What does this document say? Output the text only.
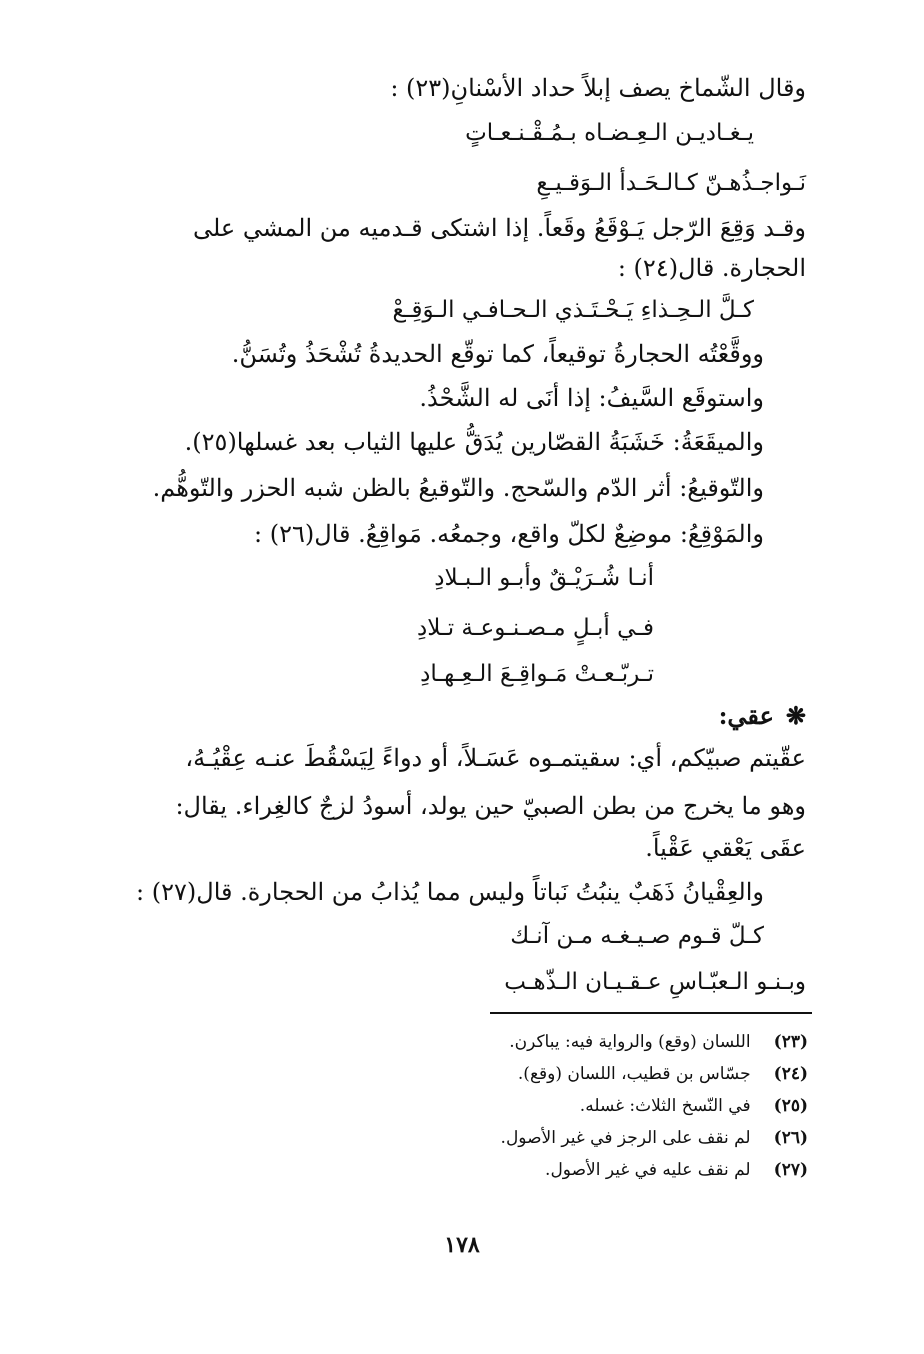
وقال الشّماخ يصف إبلاً حداد الأسْنانِ(٢٣) :
يـغـاديـن الـعِـضـاه بـمُـقْـنـعـاتٍ
نَـواجـذُهـنّ كـالـحَـدأ الـوَقـيـعِ
وقـد وَقِعَ الرّجل يَـوْقَعُ وقَعاً. إذا اشتكى قـدميه من المشي على
الحجارة. قال(٢٤) :
كـلَّ الـحِـذاءِ يَـحْـتَـذي الـحـافـي الـوَقِـعْ
ووقَّعْتُه الحجارةُ توقيعاً، كما توقّع الحديدةُ تُشْحَذُ وتُسَنُّ.
واستوقَع السَّيفُ: إذا أنَى له الشَّحْذُ.
والميقَعَةُ: خَشَبَةُ القصّارين يُدَقُّ عليها الثياب بعد غسلها(٢٥).
والتّوقيعُ: أثر الدّم والسّحج. والتّوقيعُ بالظن شبه الحزر والتّوهُّم.
والمَوْقِعُ: موضِعٌ لكلّ واقع، وجمعُه. مَواقِعُ. قال(٢٦) :
أنـا شُـرَيْـقٌ وأبـو الـبـلادِ
فـي أبـلٍ مـصـنـوعـة تـلادِ
تـربّـعـتْ مَـواقِـعَ الـعِـهـادِ
❋عقي:
عقّيتم صبيّكم، أي: سقيتمـوه عَسَـلاً، أو دواءً لِيَسْقُطَ عنـه عِقْيُـهُ،
وهو ما يخرج من بطن الصبيّ حين يولد، أسودُ لزجٌ كالغِراء. يقال:
عقَى يَعْقي عَقْياً.
والعِقْيانُ ذَهَبٌ ينبُتُ نَباتاً وليس مما يُذابُ من الحجارة. قال(٢٧) :
كـلّ قـوم صـيـغـه مـن آنـك
وبـنـو الـعبّـاسِ عـقـيـان الـذّهـب
(٢٣) اللسان (وقع) والرواية فيه: يباكرن.
(٢٤) جسّاس بن قطيب، اللسان (وقع).
(٢٥) في النّسخ الثلاث: غسله.
(٢٦) لم نقف على الرجز في غير الأصول.
(٢٧) لم نقف عليه في غير الأصول.
١٧٨
